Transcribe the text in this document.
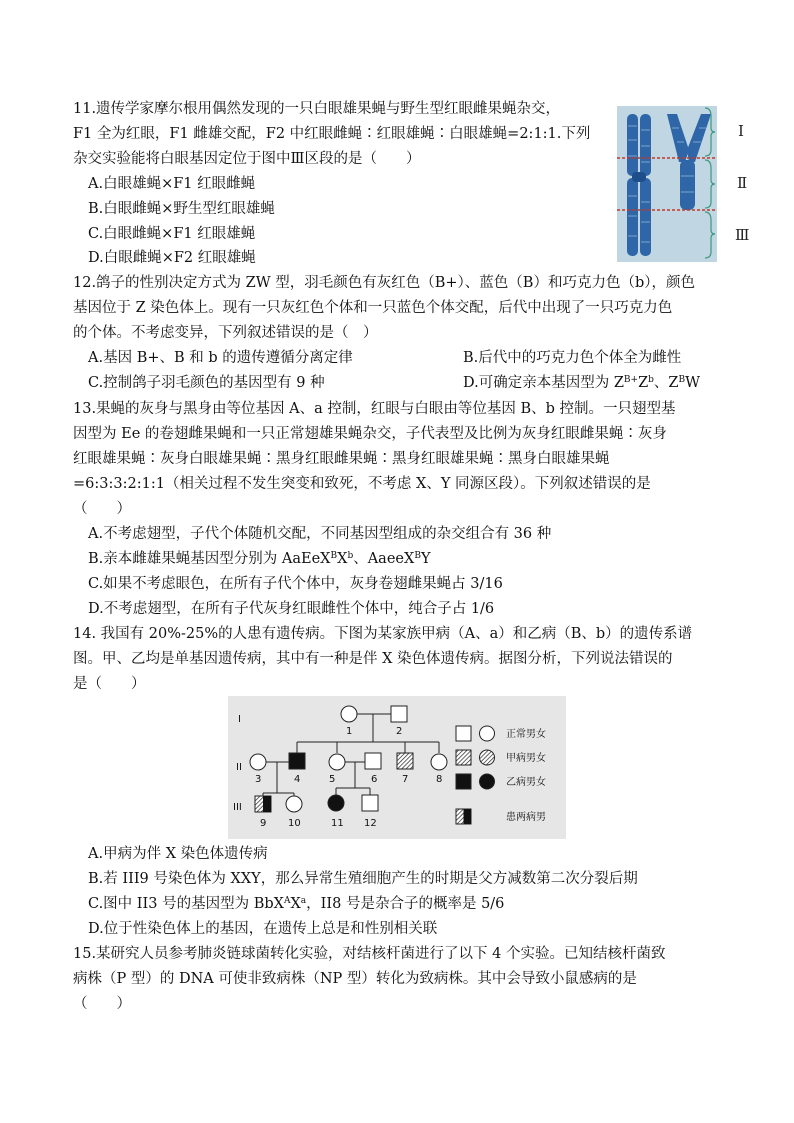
11.遗传学家摩尔根用偶然发现的一只白眼雄果蝇与野生型红眼雌果蝇杂交，
F1 全为红眼，F1 雌雄交配，F2 中红眼雌蝇∶红眼雄蝇∶白眼雄蝇=2:1:1.下列
杂交实验能将白眼基因定位于图中Ⅲ区段的是（　　）
A.白眼雄蝇×F1 红眼雌蝇
B.白眼雌蝇×野生型红眼雄蝇
C.白眼雌蝇×F1 红眼雄蝇
D.白眼雌蝇×F2 红眼雄蝇
Ⅰ
Ⅱ
Ⅲ
12.鸽子的性别决定方式为 ZW 型，羽毛颜色有灰红色（B+）、蓝色（B）和巧克力色（b），颜色
基因位于 Z 染色体上。现有一只灰红色个体和一只蓝色个体交配，后代中出现了一只巧克力色
的个体。不考虑变异，下列叙述错误的是（　）
A.基因 B+、B 和 b 的遗传遵循分离定律	B.后代中的巧克力色个体全为雌性
C.控制鸽子羽毛颜色的基因型有 9 种	D.可确定亲本基因型为 $Z^{B+}Z^b$、$Z^BW$
13.果蝇的灰身与黑身由等位基因 A、a 控制，红眼与白眼由等位基因 B、b 控制。一只翅型基
因型为 Ee 的卷翅雌果蝇和一只正常翅雄果蝇杂交，子代表型及比例为灰身红眼雌果蝇∶灰身
红眼雄果蝇∶灰身白眼雄果蝇∶黑身红眼雌果蝇∶黑身红眼雄果蝇∶黑身白眼雄果蝇
=6:3:3:2:1:1（相关过程不发生突变和致死，不考虑 X、Y 同源区段）。下列叙述错误的是
（　　）
A.不考虑翅型，子代个体随机交配，不同基因型组成的杂交组合有 36 种
B.亲本雌雄果蝇基因型分别为 $AaEeX^BX^b$、AaeeX$^B$Y
C.如果不考虑眼色，在所有子代个体中，灰身卷翅雌果蝇占 3/16
D.不考虑翅型，在所有子代灰身红眼雌性个体中，纯合子占 1/6
14. 我国有 20%-25%的人患有遗传病。下图为某家族甲病（A、a）和乙病（B、b）的遗传系谱
图。甲、乙均是单基因遗传病，其中有一种是伴 X 染色体遗传病。据图分析，下列说法错误的
是（　　）
I
II
III
1	2
3	4	5	6 7	8
9 10	11 12
正常男女
甲病男女
乙病男女
患两病男
A.甲病为伴 X 染色体遗传病
B.若 III9 号染色体为 XXY，那么异常生殖细胞产生的时期是父方减数第二次分裂后期
C.图中 II3 号的基因型为 $BbX^AX^a$，II8 号是杂合子的概率是 5/6
D.位于性染色体上的基因，在遗传上总是和性别相关联
15.某研究人员参考肺炎链球菌转化实验，对结核杆菌进行了以下 4 个实验。已知结核杆菌致
病株（P 型）的 DNA 可使非致病株（NP 型）转化为致病株。其中会导致小鼠感病的是
（　　）
